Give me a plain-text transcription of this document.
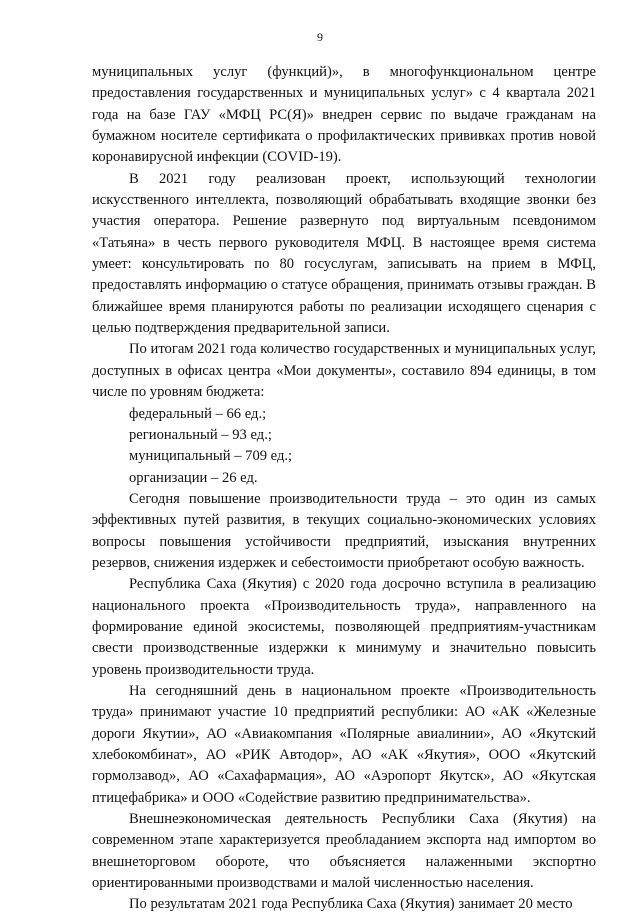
9

муниципальных услуг (функций)», в многофункциональном центре предоставления государственных и муниципальных услуг» с 4 квартала 2021 года на базе ГАУ «МФЦ РС(Я)» внедрен сервис по выдаче гражданам на бумажном носителе сертификата о профилактических прививках против новой коронавирусной инфекции (COVID-19).

В 2021 году реализован проект, использующий технологии искусственного интеллекта, позволяющий обрабатывать входящие звонки без участия оператора. Решение развернуто под виртуальным псевдонимом «Татьяна» в честь первого руководителя МФЦ. В настоящее время система умеет: консультировать по 80 госуслугам, записывать на прием в МФЦ, предоставлять информацию о статусе обращения, принимать отзывы граждан. В ближайшее время планируются работы по реализации исходящего сценария с целью подтверждения предварительной записи.

По итогам 2021 года количество государственных и муниципальных услуг, доступных в офисах центра «Мои документы», составило 894 единицы, в том числе по уровням бюджета:

федеральный – 66 ед.;

региональный – 93 ед.;

муниципальный – 709 ед.;

организации – 26 ед.

Сегодня повышение производительности труда – это один из самых эффективных путей развития, в текущих социально-экономических условиях вопросы повышения устойчивости предприятий, изыскания внутренних резервов, снижения издержек и себестоимости приобретают особую важность.

Республика Саха (Якутия) с 2020 года досрочно вступила в реализацию национального проекта «Производительность труда», направленного на формирование единой экосистемы, позволяющей предприятиям-участникам свести производственные издержки к минимуму и значительно повысить уровень производительности труда.

На сегодняшний день в национальном проекте «Производительность труда» принимают участие 10 предприятий республики: АО «АК «Железные дороги Якутии», АО «Авиакомпания «Полярные авиалинии», АО «Якутский хлебокомбинат», АО «РИК Автодор», АО «АК «Якутия», ООО «Якутский гормолзавод», АО «Сахафармация», АО «Аэропорт Якутск», АО «Якутская птицефабрика» и ООО «Содействие развитию предпринимательства».

Внешнеэкономическая деятельность Республики Саха (Якутия) на современном этапе характеризуется преобладанием экспорта над импортом во внешнеторговом обороте, что объясняется налаженными экспортно ориентированными производствами и малой численностью населения.

По результатам 2021 года Республика Саха (Якутия) занимает 20 место
